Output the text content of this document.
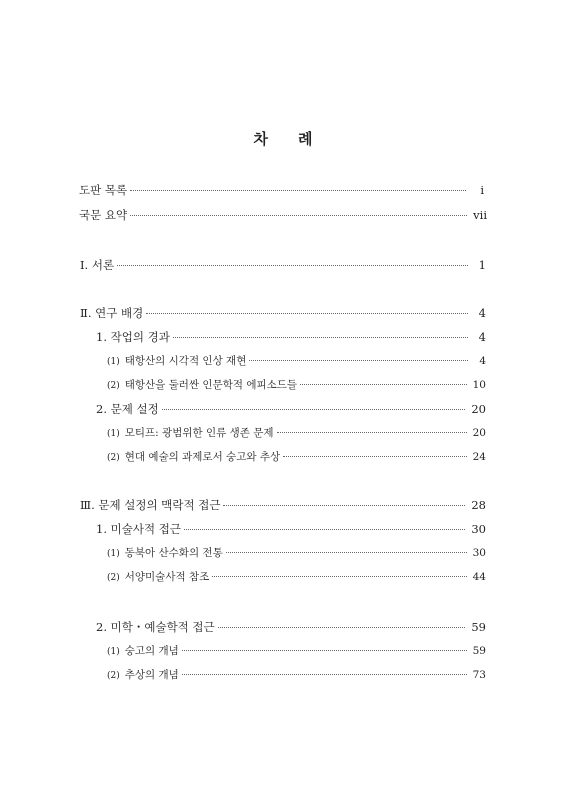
차 례
도판 목록	i
국문 요약	vii
Ⅰ. 서론	1
Ⅱ. 연구 배경	4
1. 작업의 경과	4
(1) 태항산의 시각적 인상 재현	4
(2) 태항산을 둘러싼 인문학적 에피소드들	10
2. 문제 설정	20
(1) 모티프: 광범위한 인류 생존 문제	20
(2) 현대 예술의 과제로서 숭고와 추상	24
Ⅲ. 문제 설정의 맥락적 접근	28
1. 미술사적 접근	30
(1) 동북아 산수화의 전통	30
(2) 서양미술사적 참조	44
2. 미학・예술학적 접근	59
(1) 숭고의 개념	59
(2) 추상의 개념	73
